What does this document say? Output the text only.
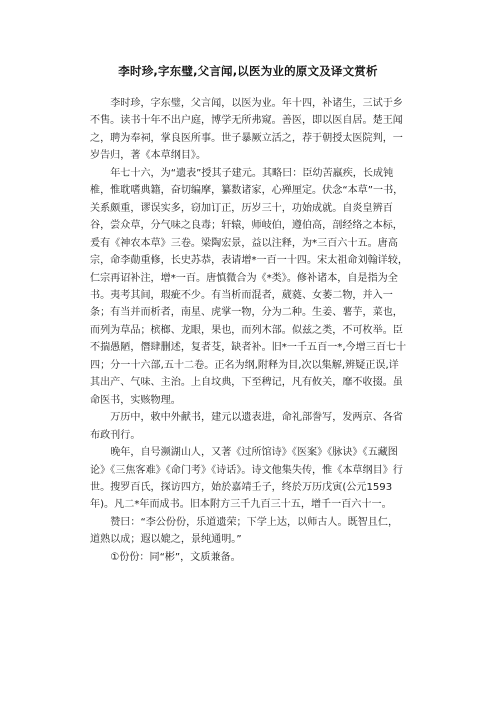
李时珍,字东璧,父言闻,以医为业的原文及译文赏析

李时珍，字东璧，父言闻，以医为业。年十四，补诸生，三试于乡不售。读书十年不出户庭，博学无所弗窥。善医，即以医自居。楚王闻之，聘为奉祠，掌良医所事。世子暴厥立活之，荐于朝授太医院判，一岁告归，著《本草纲目》。

年七十六，为“遗表”授其子建元。其略曰：臣幼苦羸疾，长成钝椎，惟耽嗜典籍，奋切编摩，纂数诸家，心殚厘定。伏念“本草”一书，关系颇重，谬误实多，窃加订正，历岁三十，功始成就。自炎皇辨百谷，尝众草，分气味之良毒；轩辕，师岐伯，遵伯高，剖经络之本标，爰有《神农本草》三卷。梁陶宏景，益以注释，为*三百六十五。唐高宗，命李勣重修，长史苏恭，表请增*一百一十四。宋太祖命刘翰详较，仁宗再诏补注，增*一百。唐慎微合为《*类》。修补诸本，自是指为全书。夷考其间，瑕疵不少。有当析而混者，葳蕤、女萎二物，并入一条；有当并而析者，南星、虎掌一物，分为二种。生姜、薯芋，菜也，而列为草品；槟榔、龙眼，果也，而列木部。似兹之类，不可枚举。臣不揣愚陋，僭肆删述，复者芟，缺者补。旧*一千五百一*,今增三百七十四；分一十六部,五十二卷。正名为纲,附释为目,次以集解,辨疑正误,详其出产、气味、主治。上自坟典，下至稗记，凡有攸关，靡不收掇。虽命医书，实赅物理。

万历中，敕中外献书，建元以遗表进，命礼部誊写，发两京、各省布政刊行。

晚年，自号濒湖山人，又著《过所馆诗》《医案》《脉诀》《五藏图论》《三焦客难》《命门考》《诗话》。诗文他集失传，惟《本草纲目》行世。搜罗百氏，探访四方，始於嘉靖壬子，终於万历戊寅(公元1593年)。凡二*年而成书。旧本附方三千九百三十五，增千一百六十一。

赞曰：“李公份份，乐道遗荣；下学上达，以师古人。既智且仁，道熟以成；遐以媲之，景纯通明。”

①份份：同“彬”，文质兼备。
